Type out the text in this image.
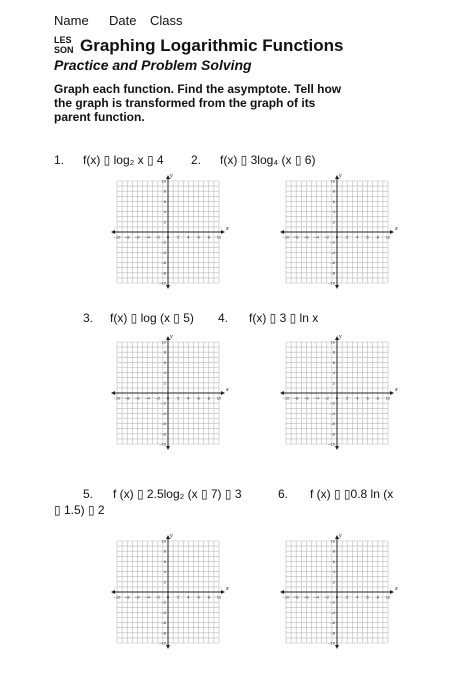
Name Date Class
LES
SON Graphing Logarithmic Functions
Practice and Problem Solving
Graph each function. Find the asymptote. Tell how the graph is transformed from the graph of its parent function.
1. f(x) ▯ log₂ x ▯ 4 2. f(x) ▯ 3log₄ (x ▯ 6)
3. f(x) ▯ log (x ▯ 5) 4. f(x) ▯ 3 ▯ ln x
5. f (x) ▯ 2.5log₂ (x ▯ 7) ▯ 3	6. f (x) ▯ ▯0.8 ln (x
▯ 1.5) ▯ 2
x
y
–10 –8 –6 –4 –2 0 2 4 6 8 10
10
8
6
4
2
–2
–4
–6
–8
–10
x
y
–10 –8 –6 –4 –2 0 2 4 6 8 10
10
8
6
4
2
–2
–4
–6
–8
–10
x
y
–10 –8 –6 –4 –2 0 2 4 6 8 10
10
8
6
4
2
–2
–4
–6
–8
–10
x
y
–10 –8 –6 –4 –2 0 2 4 6 8 10
10
8
6
4
2
–2
–4
–6
–8
–10
x
y
–10 –8 –6 –4 –2 0 2 4 6 8 10
10
8
6
4
2
–2
–4
–6
–8
–10
x
y
–10 –8 –6 –4 –2 0 2 4 6 8 10
10
8
6
4
2
–2
–4
–6
–8
–10
